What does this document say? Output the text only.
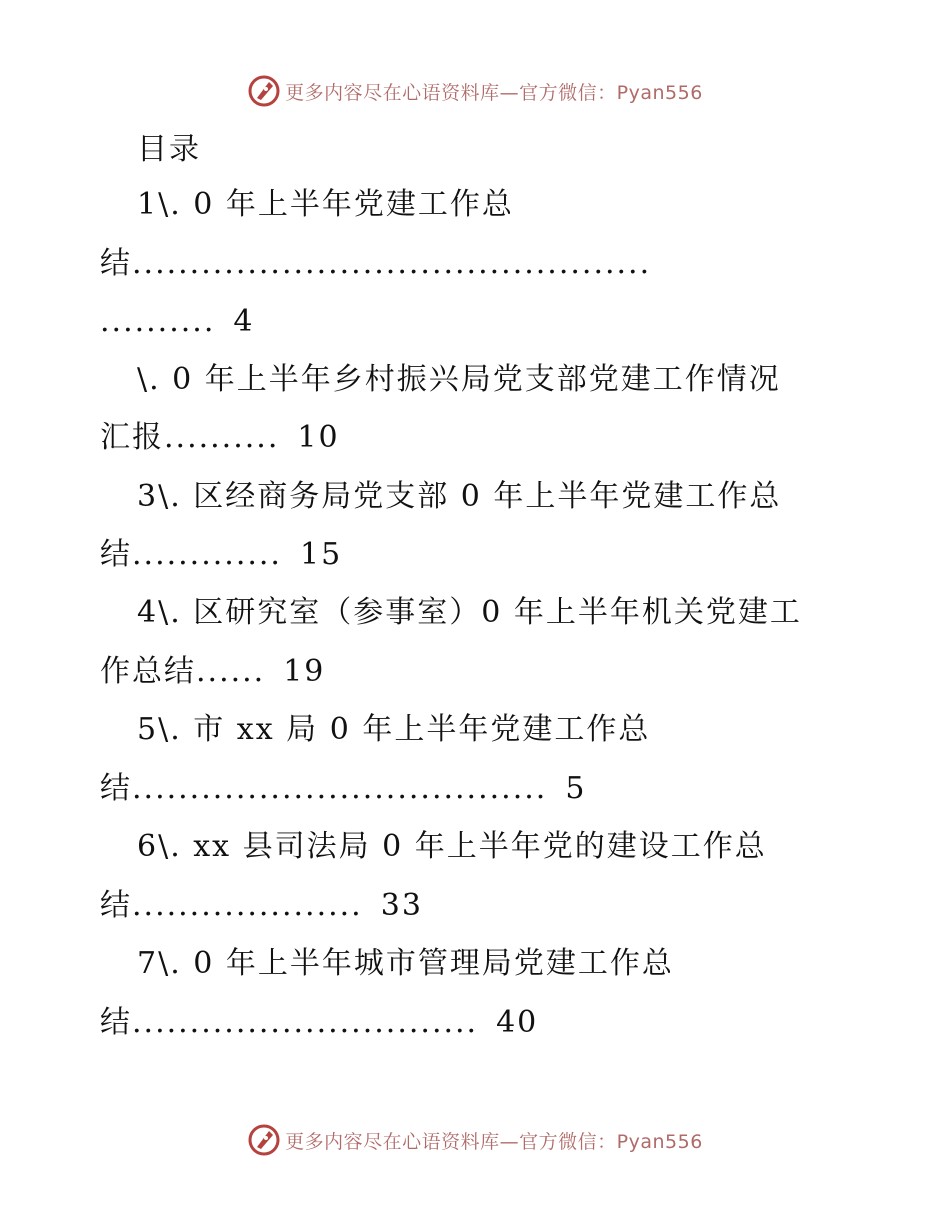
更多内容尽在心语资料库—官方微信：Pyan556
目录
1\. 0 年上半年党建工作总
结.............................................
.......... 4
\. 0 年上半年乡村振兴局党支部党建工作情况
汇报.......... 10
3\. 区经商务局党支部 0 年上半年党建工作总
结............. 15
4\. 区研究室（参事室）0 年上半年机关党建工
作总结...... 19
5\. 市 xx 局 0 年上半年党建工作总
结.................................... 5
6\. xx 县司法局 0 年上半年党的建设工作总
结.................... 33
7\. 0 年上半年城市管理局党建工作总
结.............................. 40
更多内容尽在心语资料库—官方微信：Pyan556
